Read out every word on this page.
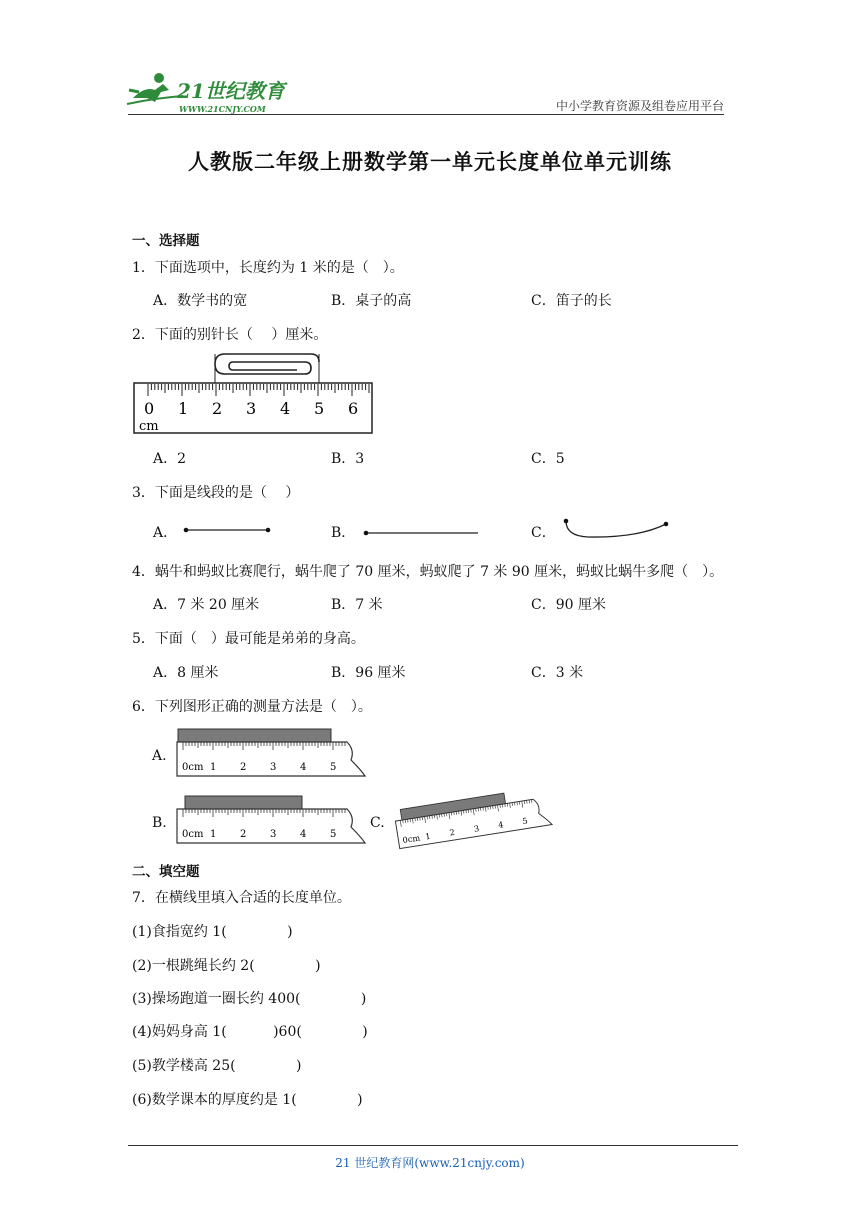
21世纪教育
WWW.21CNJY.COM	中小学教育资源及组卷应用平台
人教版二年级上册数学第一单元长度单位单元训练
一、选择题
1．下面选项中，长度约为 1 米的是（　）。
A．数学书的宽	B．桌子的高	C．笛子的长
2．下面的别针长（　 ）厘米。
0 1 2 3 4 5 6
cm
A．2	B．3	C．5
3．下面是线段的是（　 ）
A．	B．	C．
4．蜗牛和蚂蚁比赛爬行，蜗牛爬了 70 厘米，蚂蚁爬了 7 米 90 厘米，蚂蚁比蜗牛多爬（　）。
A．7 米 20 厘米	B．7 米	C．90 厘米
5．下面（　）最可能是弟弟的身高。
A．8 厘米	B．96 厘米	C．3 米
6．下列图形正确的测量方法是（　）。
A.
0cm 1 2 3 4 5
B.
0cm 1 2 3 4 5
C.
0cm 1 2 3 4 5
二、填空题
7．在横线里填入合适的长度单位。
(1)食指宽约 1(　　　　 )
(2)一根跳绳长约 2(　　　　 )
(3)操场跑道一圈长约 400(　　　　 )
(4)妈妈身高 1(　　　 )60(　　　　 )
(5)教学楼高 25(　　　　 )
(6)数学课本的厚度约是 1(　　　　 )
21 世纪教育网(www.21cnjy.com)
